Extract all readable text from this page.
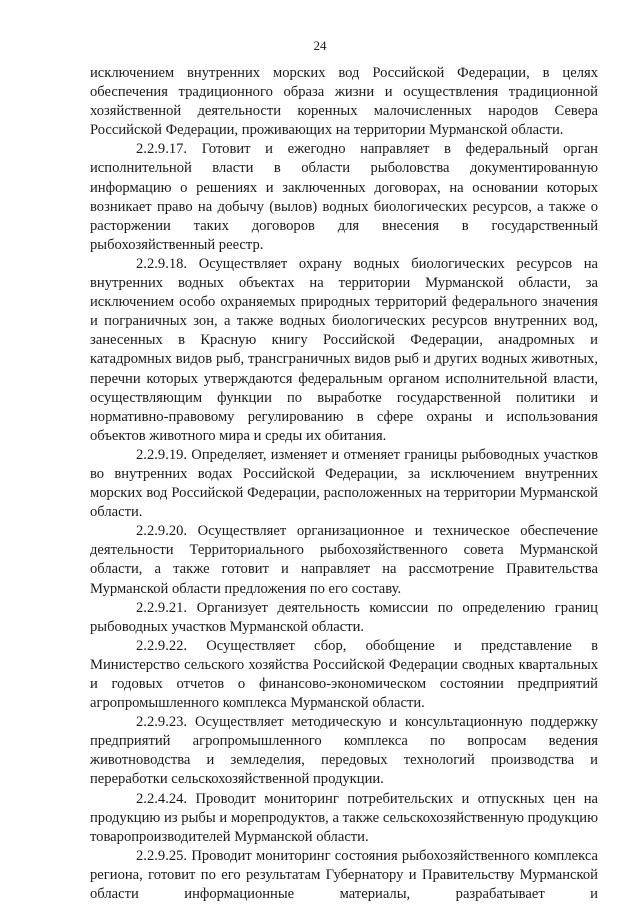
24

исключением внутренних морских вод Российской Федерации, в целях обеспечения традиционного образа жизни и осуществления традиционной хозяйственной деятельности коренных малочисленных народов Севера Российской Федерации, проживающих на территории Мурманской области.

2.2.9.17. Готовит и ежегодно направляет в федеральный орган исполнительной власти в области рыболовства документированную информацию о решениях и заключенных договорах, на основании которых возникает право на добычу (вылов) водных биологических ресурсов, а также о расторжении таких договоров для внесения в государственный рыбохозяйственный реестр.

2.2.9.18. Осуществляет охрану водных биологических ресурсов на внутренних водных объектах на территории Мурманской области, за исключением особо охраняемых природных территорий федерального значения и пограничных зон, а также водных биологических ресурсов внутренних вод, занесенных в Красную книгу Российской Федерации, анадромных и катадромных видов рыб, трансграничных видов рыб и других водных животных, перечни которых утверждаются федеральным органом исполнительной власти, осуществляющим функции по выработке государственной политики и нормативно-правовому регулированию в сфере охраны и использования объектов животного мира и среды их обитания.

2.2.9.19. Определяет, изменяет и отменяет границы рыбоводных участков во внутренних водах Российской Федерации, за исключением внутренних морских вод Российской Федерации, расположенных на территории Мурманской области.

2.2.9.20. Осуществляет организационное и техническое обеспечение деятельности Территориального рыбохозяйственного совета Мурманской области, а также готовит и направляет на рассмотрение Правительства Мурманской области предложения по его составу.

2.2.9.21. Организует деятельность комиссии по определению границ рыбоводных участков Мурманской области.

2.2.9.22. Осуществляет сбор, обобщение и представление в Министерство сельского хозяйства Российской Федерации сводных квартальных и годовых отчетов о финансово-экономическом состоянии предприятий агропромышленного комплекса Мурманской области.

2.2.9.23. Осуществляет методическую и консультационную поддержку предприятий агропромышленного комплекса по вопросам ведения животноводства и земледелия, передовых технологий производства и переработки сельскохозяйственной продукции.

2.2.4.24. Проводит мониторинг потребительских и отпускных цен на продукцию из рыбы и морепродуктов, а также сельскохозяйственную продукцию товаропроизводителей Мурманской области.

2.2.9.25. Проводит мониторинг состояния рыбохозяйственного комплекса региона, готовит по его результатам Губернатору и Правительству Мурманской области информационные материалы, разрабатывает и
